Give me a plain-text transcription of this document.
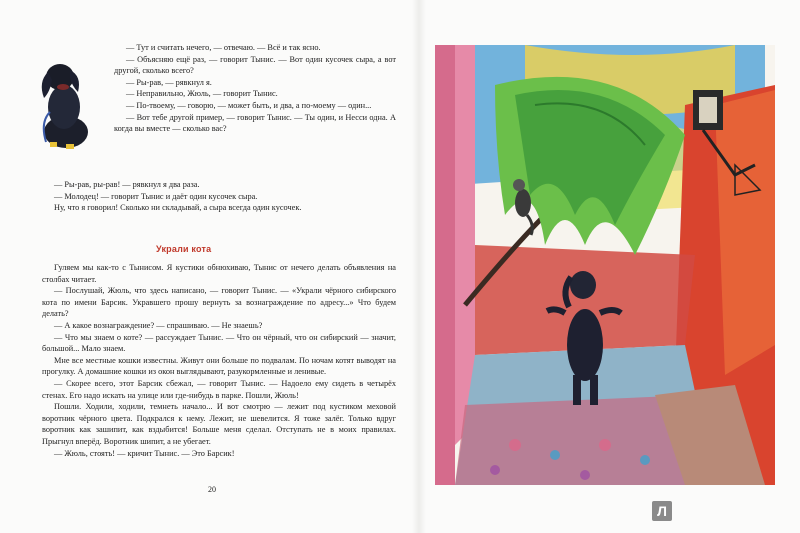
— Тут и считать нечего, — отвечаю. — Всё и так ясно.

— Объясняю ещё раз, — говорит Тынис. — Вот один кусочек сыра, а вот другой, сколько всего?

— Ры-рав, — рявкнул я.

— Неправильно, Жюль, — говорит Тынис.

— По-твоему, — говорю, — может быть, и два, а по-моему — один...

— Вот тебе другой пример, — говорит Тынис. — Ты один, и Несси одна. А когда вы вместе — сколько вас?

— Ры-рав, ры-рав! — рявкнул я два раза.

— Молодец! — говорит Тынис и даёт один кусочек сыра.

Ну, что я говорил! Сколько ни складывай, а сыра всегда один кусочек.

Украли кота

Гуляем мы как-то с Тынисом. Я кустики обнюхиваю, Тынис от нечего делать объявления на столбах читает.

— Послушай, Жюль, что здесь написано, — говорит Тынис. — «Украли чёрного сибирского кота по имени Барсик. Укравшего прошу вернуть за вознаграждение по адресу...» Что будем делать?

— А какое вознаграждение? — спрашиваю. — Не знаешь?

— Что мы знаем о коте? — рассуждает Тынис. — Что он чёрный, что он сибирский — значит, большой... Мало знаем.

Мне все местные кошки известны. Живут они больше по подвалам. По ночам котят выводят на прогулку. А домашние кошки из окон выглядывают, разукормленные и ленивые.

— Скорее всего, этот Барсик сбежал, — говорит Тынис. — Надоело ему сидеть в четырёх стенах. Его надо искать на улице или где-нибудь в парке. Пошли, Жюль!

Пошли. Ходили, ходили, темнеть начало... И вот смотрю — лежит под кустиком меховой воротник чёрного цвета. Подкрался к нему. Лежит, не шевелится. Я тоже залёг. Только вдруг воротник как зашипит, как вздыбится! Больше меня сделал. Отступать не в моих правилах. Прыгнул вперёд. Воротник шипит, а не убегает.

— Жюль, стоять! — кричит Тынис. — Это Барсик!

20
Л
